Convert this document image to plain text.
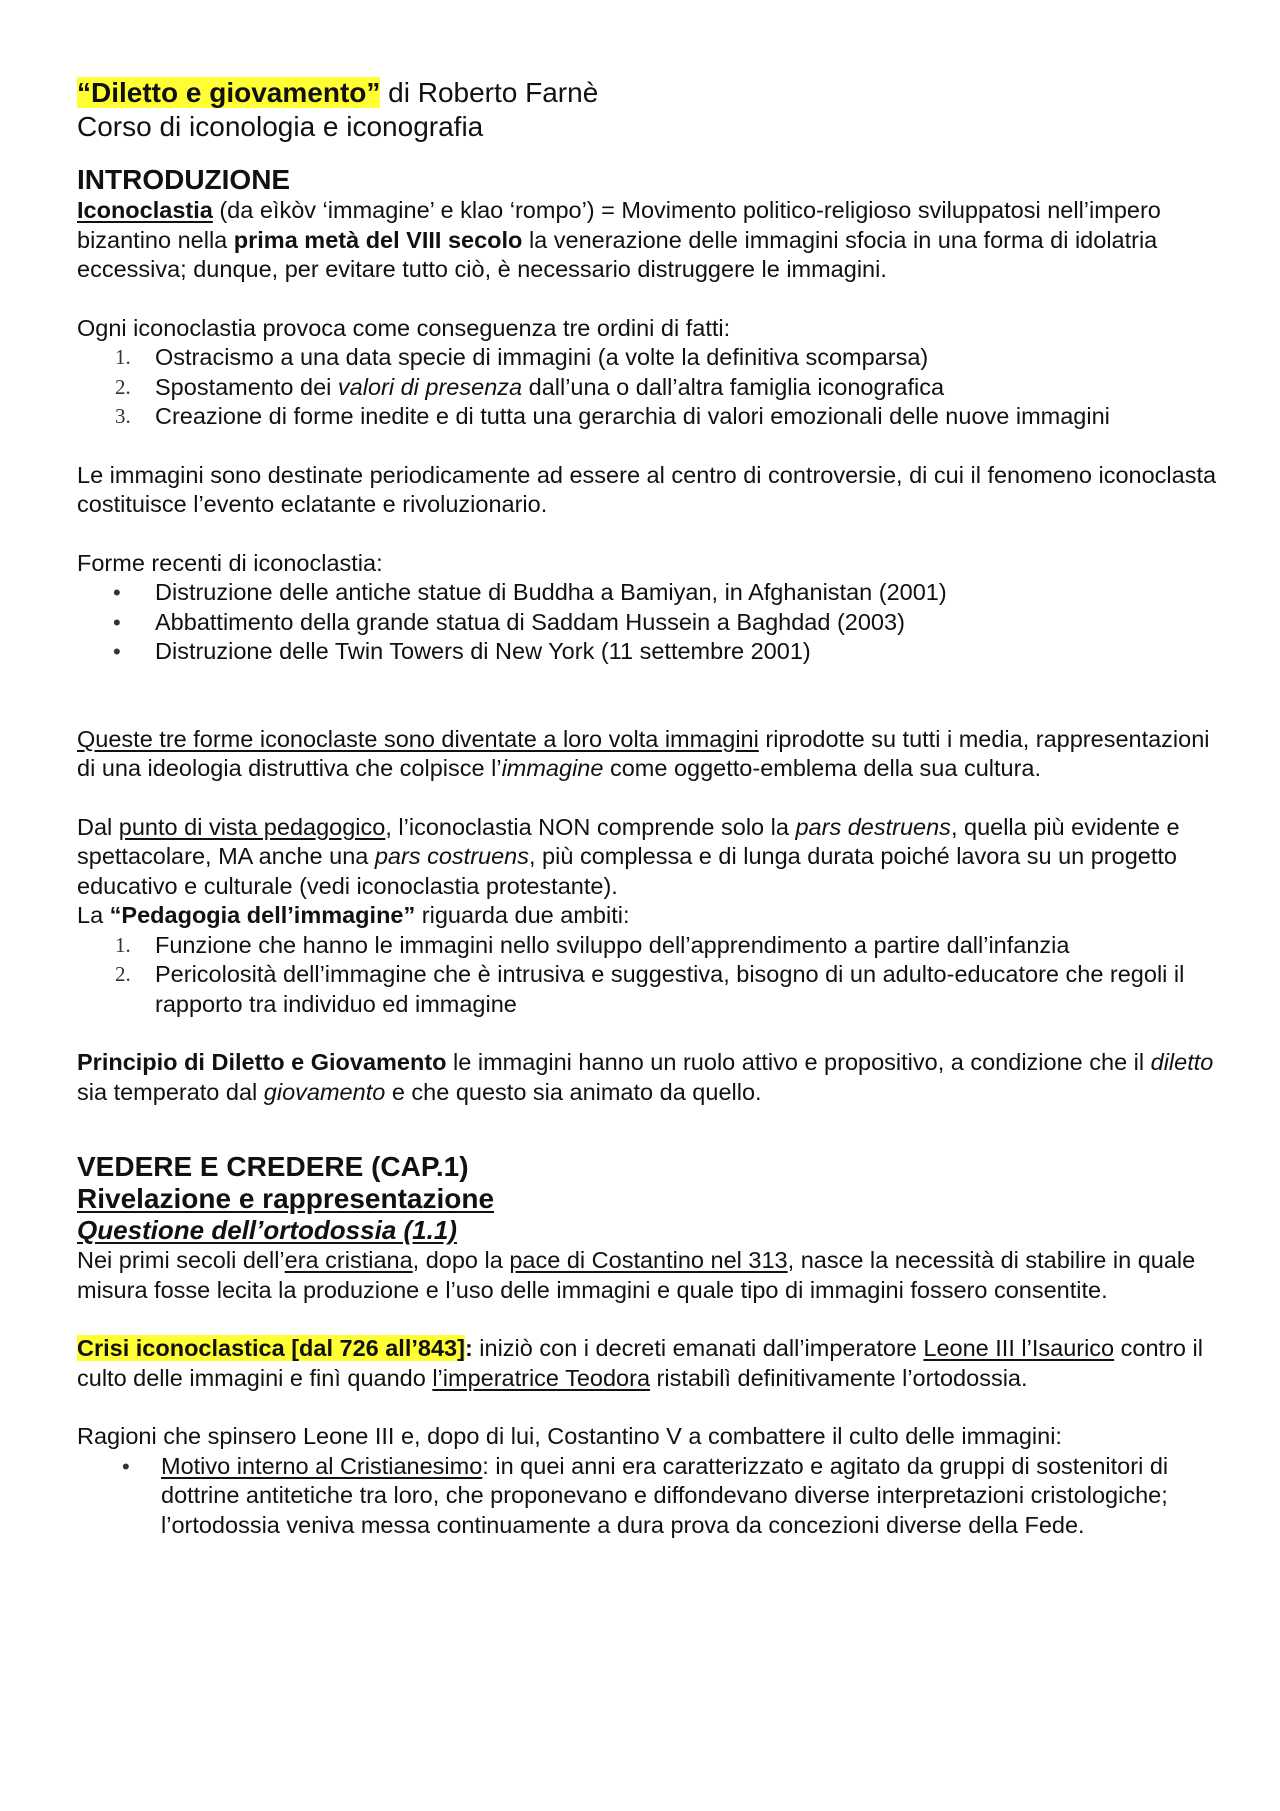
“Diletto e giovamento” di Roberto Farnè
Corso di iconologia e iconografia
INTRODUZIONE

Iconoclastia (da eìkòv ‘immagine’ e klao ‘rompo’) = Movimento politico-religioso sviluppatosi nell’impero bizantino nella prima metà del VIII secolo la venerazione delle immagini sfocia in una forma di idolatria eccessiva; dunque, per evitare tutto ciò, è necessario distruggere le immagini.

Ogni iconoclastia provoca come conseguenza tre ordini di fatti:

1. Ostracismo a una data specie di immagini (a volte la definitiva scomparsa)
2. Spostamento dei valori di presenza dall’una o dall’altra famiglia iconografica
3. Creazione di forme inedite e di tutta una gerarchia di valori emozionali delle nuove immagini

Le immagini sono destinate periodicamente ad essere al centro di controversie, di cui il fenomeno iconoclasta costituisce l’evento eclatante e rivoluzionario.

Forme recenti di iconoclastia:

• Distruzione delle antiche statue di Buddha a Bamiyan, in Afghanistan (2001)
• Abbattimento della grande statua di Saddam Hussein a Baghdad (2003)
• Distruzione delle Twin Towers di New York (11 settembre 2001)

Queste tre forme iconoclaste sono diventate a loro volta immagini riprodotte su tutti i media, rappresentazioni di una ideologia distruttiva che colpisce l’immagine come oggetto-emblema della sua cultura.

Dal punto di vista pedagogico, l’iconoclastia NON comprende solo la pars destruens, quella più evidente e spettacolare, MA anche una pars costruens, più complessa e di lunga durata poiché lavora su un progetto educativo e culturale (vedi iconoclastia protestante).

La “Pedagogia dell’immagine” riguarda due ambiti:

1. Funzione che hanno le immagini nello sviluppo dell’apprendimento a partire dall’infanzia
2. Pericolosità dell’immagine che è intrusiva e suggestiva, bisogno di un adulto-educatore che regoli il rapporto tra individuo ed immagine

Principio di Diletto e Giovamento le immagini hanno un ruolo attivo e propositivo, a condizione che il diletto sia temperato dal giovamento e che questo sia animato da quello.

VEDERE E CREDERE (CAP.1)
Rivelazione e rappresentazione
Questione dell’ortodossia (1.1)

Nei primi secoli dell’era cristiana, dopo la pace di Costantino nel 313, nasce la necessità di stabilire in quale misura fosse lecita la produzione e l’uso delle immagini e quale tipo di immagini fossero consentite.

Crisi iconoclastica [dal 726 all’843]: iniziò con i decreti emanati dall’imperatore Leone III l’Isaurico contro il culto delle immagini e finì quando l’imperatrice Teodora ristabilì definitivamente l’ortodossia.

Ragioni che spinsero Leone III e, dopo di lui, Costantino V a combattere il culto delle immagini:

• Motivo interno al Cristianesimo: in quei anni era caratterizzato e agitato da gruppi di sostenitori di dottrine antitetiche tra loro, che proponevano e diffondevano diverse interpretazioni cristologiche; l’ortodossia veniva messa continuamente a dura prova da concezioni diverse della Fede.
